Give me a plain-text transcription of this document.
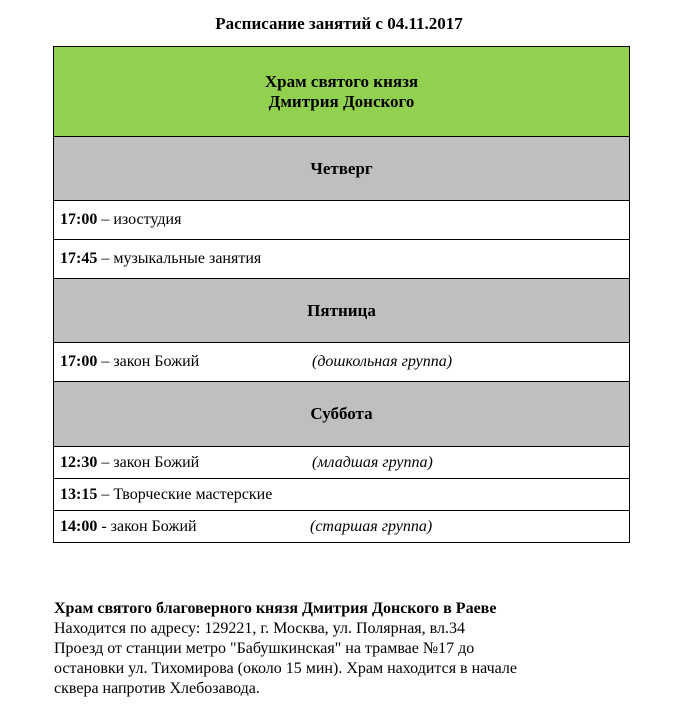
Расписание занятий с 04.11.2017
Храм святого князя
Дмитрия Донского

Четверг
17:00 – изостудия
17:45 – музыкальные занятия
Пятница
17:00 – закон Божий	(дошкольная группа)

Суббота
12:30 – закон Божий	(младшая группа)

13:15 – Творческие мастерские
14:00 - закон Божий	(старшая группа)
Храм святого благоверного князя Дмитрия Донского в Раеве
Находится по адресу: 129221, г. Москва, ул. Полярная, вл.34
Проезд от станции метро "Бабушкинская" на трамвае №17 до
остановки ул. Тихомирова (около 15 мин). Храм находится в начале
сквера напротив Хлебозавода.
